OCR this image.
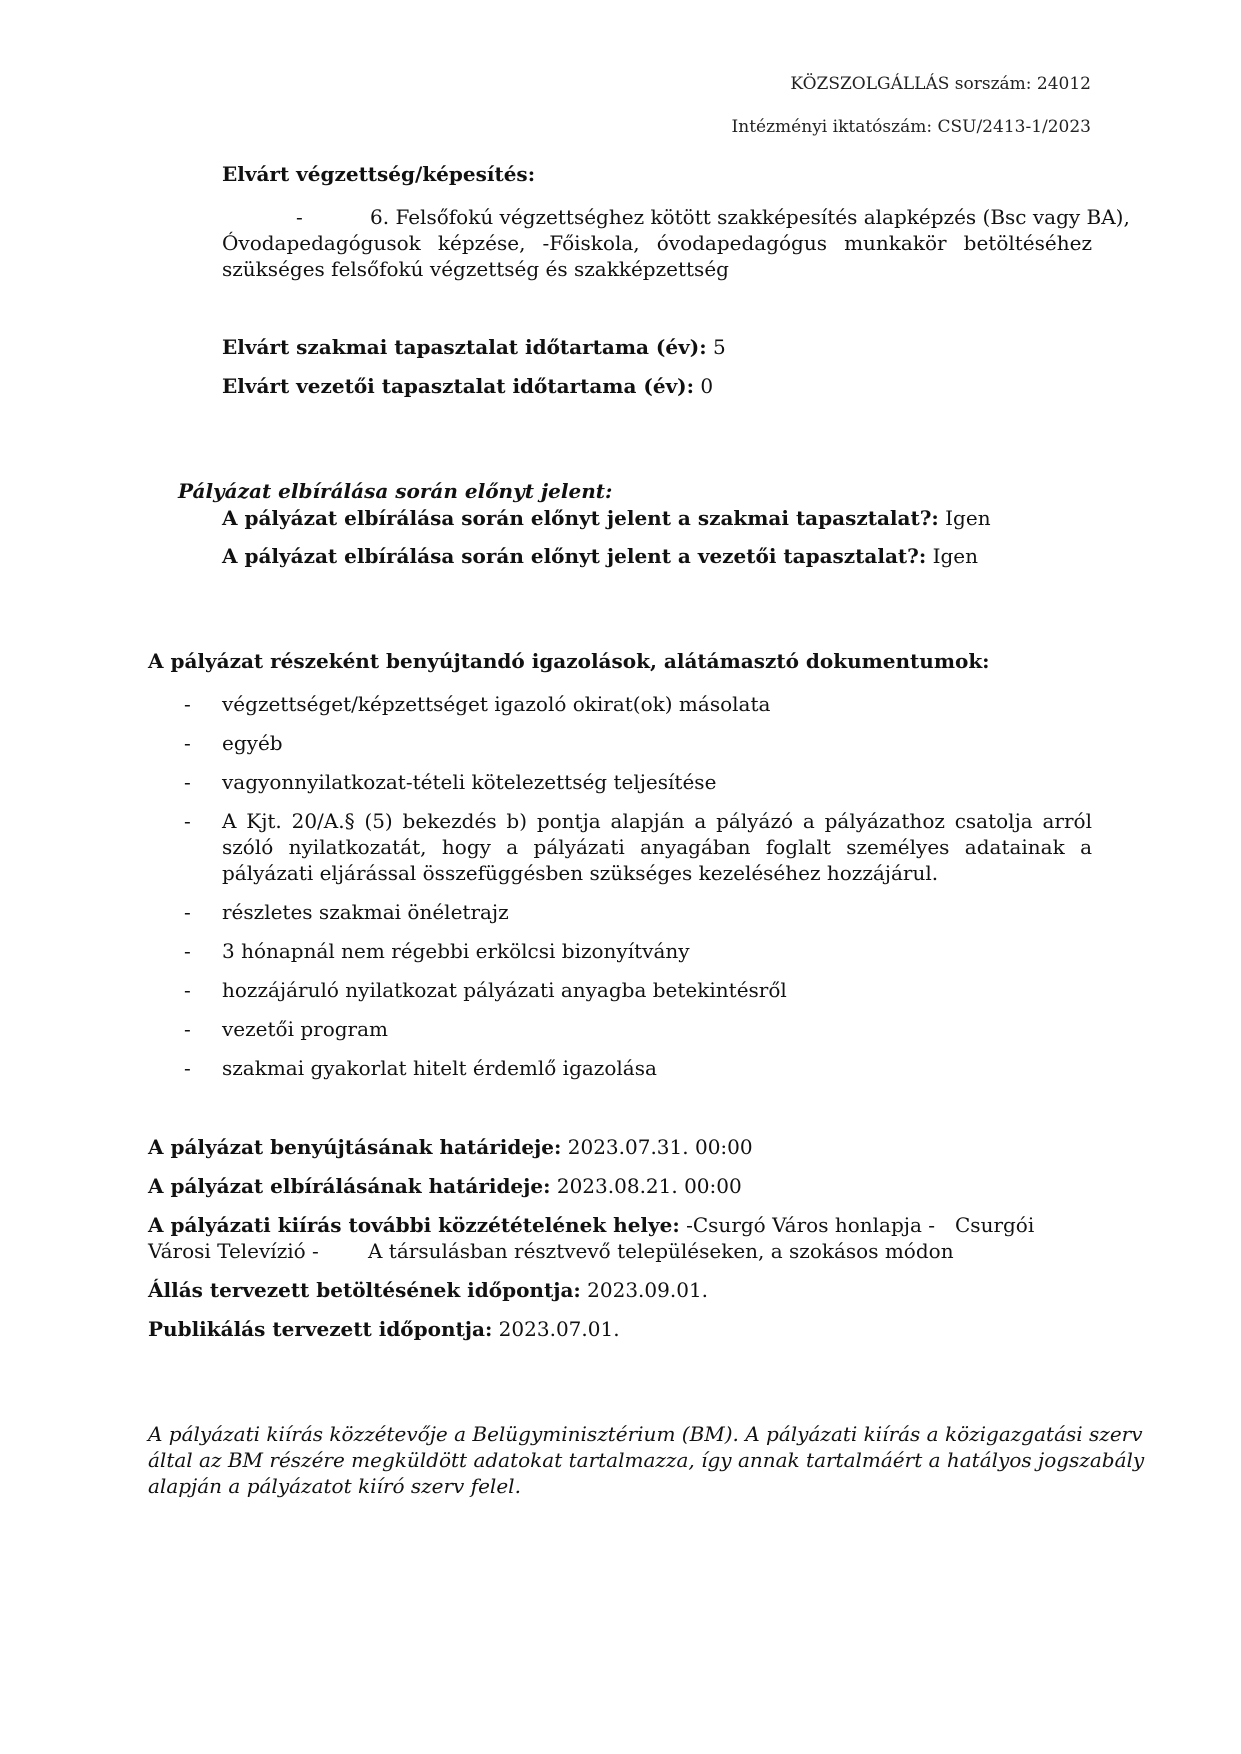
KÖZSZOLGÁLLÁS sorszám: 24012
Intézményi iktatószám: CSU/2413-1/2023
Elvárt végzettség/képesítés:
-	6. Felsőfokú végzettséghez kötött szakképesítés alapképzés (Bsc vagy BA),
Óvodapedagógusok képzése, -Főiskola, óvodapedagógus munkakör betöltéséhez
szükséges felsőfokú végzettség és szakképzettség
Elvárt szakmai tapasztalat időtartama (év): 5
Elvárt vezetői tapasztalat időtartama (év): 0
Pályázat elbírálása során előnyt jelent:
A pályázat elbírálása során előnyt jelent a szakmai tapasztalat?: Igen
A pályázat elbírálása során előnyt jelent a vezetői tapasztalat?: Igen
A pályázat részeként benyújtandó igazolások, alátámasztó dokumentumok:
- végzettséget/képzettséget igazoló okirat(ok) másolata
- egyéb
- vagyonnyilatkozat-tételi kötelezettség teljesítése
- A Kjt. 20/A.§ (5) bekezdés b) pontja alapján a pályázó a pályázathoz csatolja arról szóló nyilatkozatát, hogy a pályázati anyagában foglalt személyes adatainak a pályázati eljárással összefüggésben szükséges kezeléséhez hozzájárul.
- részletes szakmai önéletrajz
- 3 hónapnál nem régebbi erkölcsi bizonyítvány
- hozzájáruló nyilatkozat pályázati anyagba betekintésről
- vezetői program
- szakmai gyakorlat hitelt érdemlő igazolása
A pályázat benyújtásának határideje: 2023.07.31. 00:00
A pályázat elbírálásának határideje: 2023.08.21. 00:00
A pályázati kiírás további közzétételének helye: -Csurgó Város honlapja - Csurgói
Városi Televízió - A társulásban résztvevő településeken, a szokásos módon
Állás tervezett betöltésének időpontja: 2023.09.01.
Publikálás tervezett időpontja: 2023.07.01.
A pályázati kiírás közzétevője a Belügyminisztérium (BM). A pályázati kiírás a közigazgatási szerv
által az BM részére megküldött adatokat tartalmazza, így annak tartalmáért a hatályos jogszabály
alapján a pályázatot kiíró szerv felel.
